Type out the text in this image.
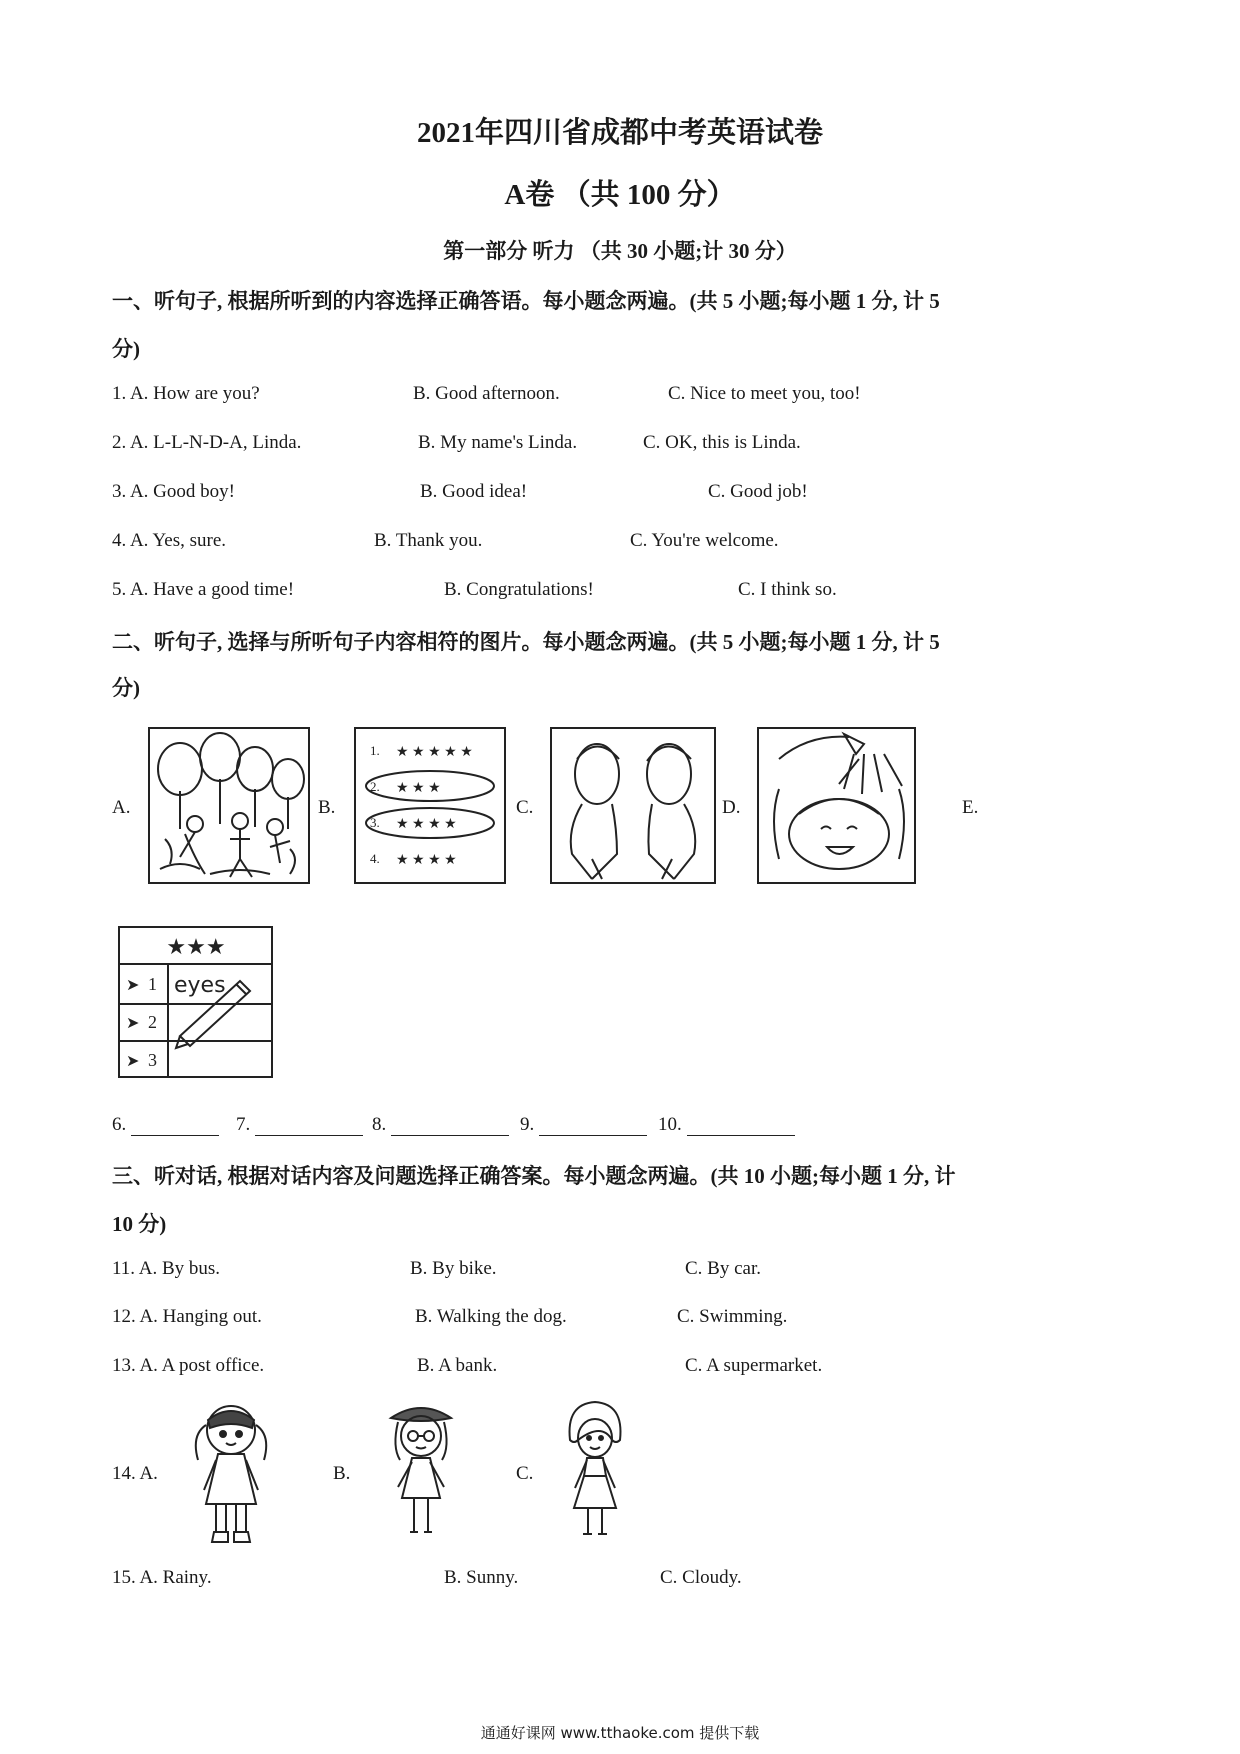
2021年四川省成都中考英语试卷
A卷 （共 100 分）
第一部分 听力 （共 30 小题;计 30 分）
一、听句子, 根据所听到的内容选择正确答语。每小题念两遍。(共 5 小题;每小题 1 分, 计 5
分)
1. A. How are you?	B. Good afternoon.	C. Nice to meet you, too!
2. A. L-L-N-D-A, Linda.	B. My name's Linda.	C. OK, this is Linda.
3. A. Good boy!	B. Good idea!	C. Good job!
4. A. Yes, sure.	B. Thank you.	C. You're welcome.
5. A. Have a good time!	B. Congratulations!	C. I think so.
二、听句子, 选择与所听句子内容相符的图片。每小题念两遍。(共 5 小题;每小题 1 分, 计 5
分)
A.	B.	C.	D.	E.
1. ★ ★ ★ ★ ★
2. ★ ★ ★
3. ★ ★ ★ ★
4. ★ ★ ★ ★
★★★
➤ 1
➤ 2
➤ 3
eyes
6.	7.	8.	9.	10.
三、听对话, 根据对话内容及问题选择正确答案。每小题念两遍。(共 10 小题;每小题 1 分, 计
10 分)
11. A. By bus.	B. By bike.	C. By car.
12. A. Hanging out.	B. Walking the dog.	C. Swimming.
13. A. A post office.	B. A bank.	C. A supermarket.
14. A.	B.	C.
15. A. Rainy.	B. Sunny.	C. Cloudy.
通通好课网 www.tthaoke.com 提供下载
